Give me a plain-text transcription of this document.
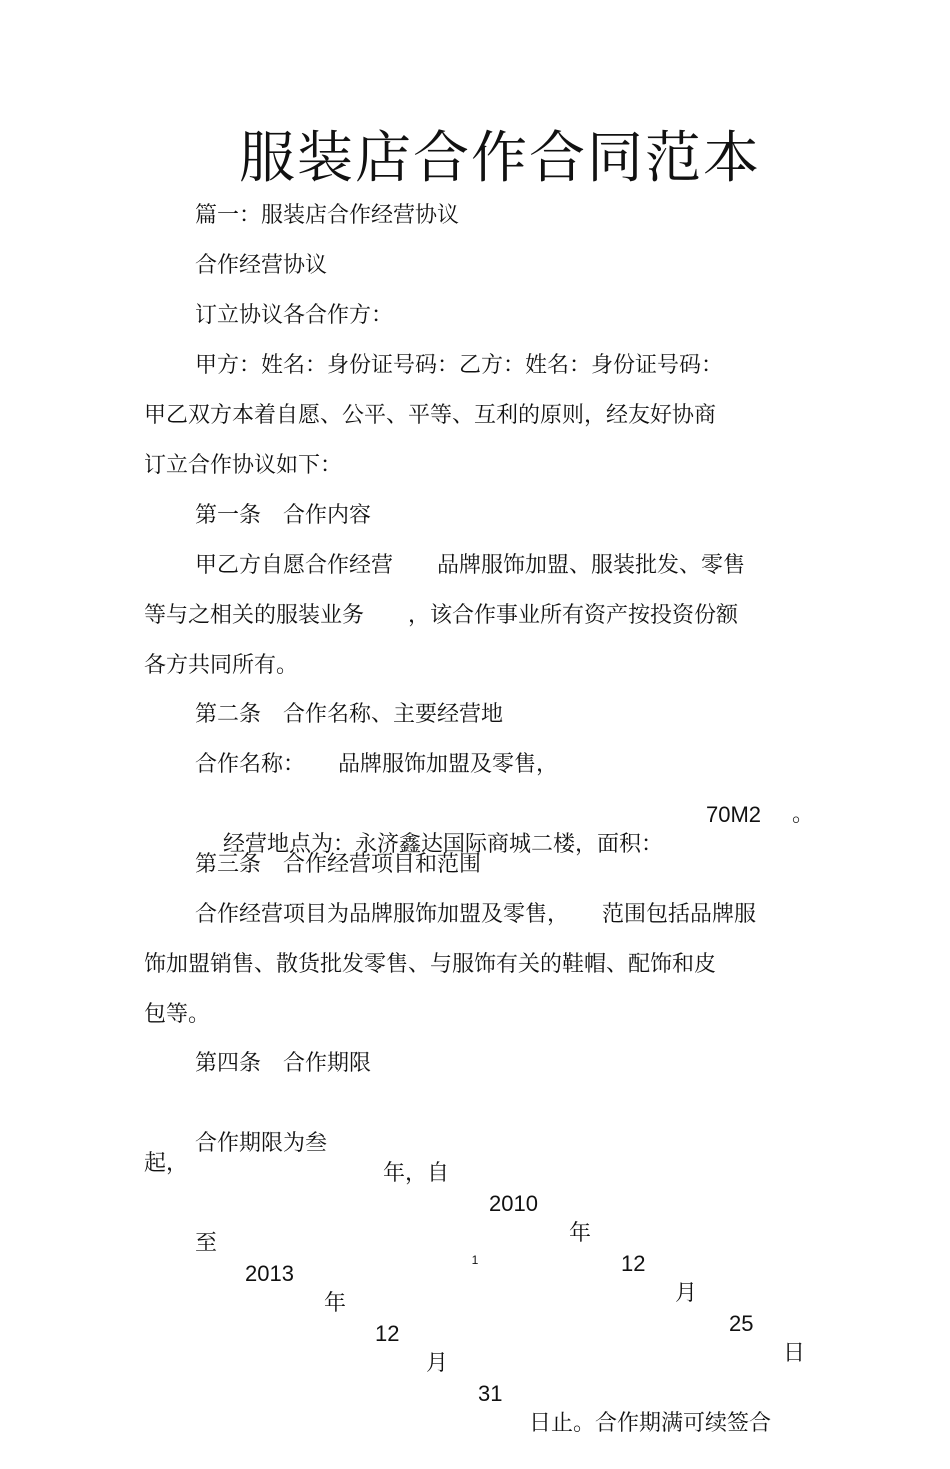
服装店合作合同范本
篇一：服装店合作经营协议
合作经营协议
订立协议各合作方：
甲方：姓名：身份证号码：乙方：姓名：身份证号码：
甲乙双方本着自愿、公平、平等、互利的原则，经友好协商
订立合作协议如下：
第一条　合作内容
甲乙方自愿合作经营　　品牌服饰加盟、服装批发、零售
等与之相关的服装业务　　，该合作事业所有资产按投资份额
各方共同所有。
第二条　合作名称、主要经营地
合作名称：　　品牌服饰加盟及零售，

经营地点为：永济鑫达国际商城二楼，面积：
70M2 。

第三条　合作经营项目和范围
合作经营项目为品牌服饰加盟及零售，　　范围包括品牌服
饰加盟销售、散货批发零售、与服饰有关的鞋帽、配饰和皮
包等。
第四条　合作期限

合作期限为叁

年，自

2010

年

12

月

25

日

起，

至

2013

年

12

月

31

日止。合作期满可续签合

1
